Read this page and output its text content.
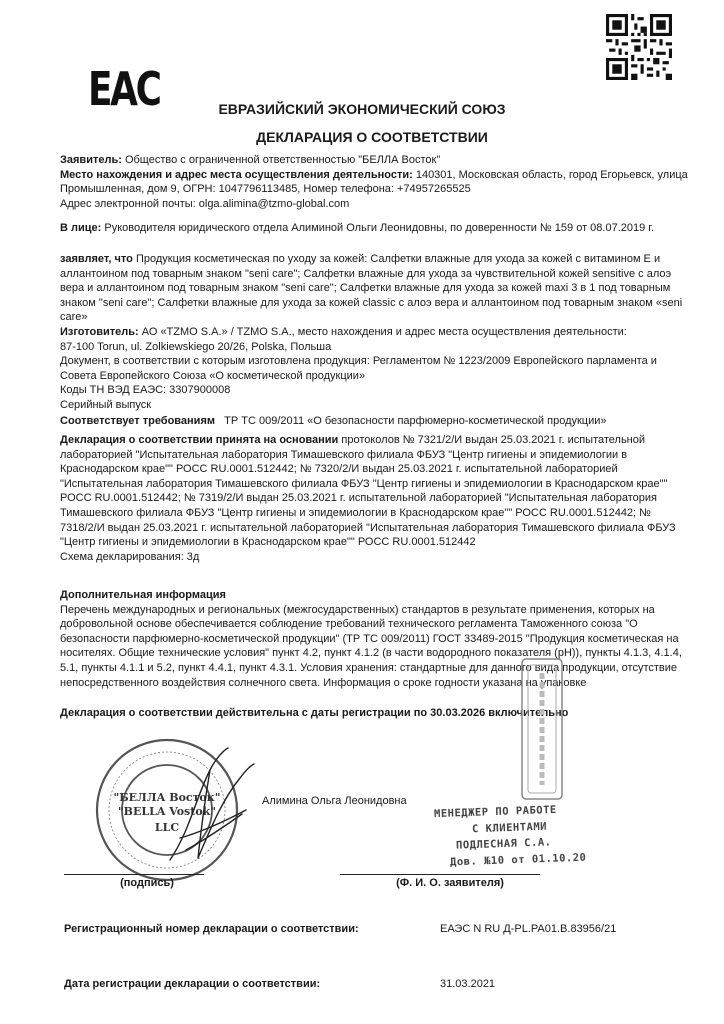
ЕАС	ЕВРАЗИЙСКИЙ ЭКОНОМИЧЕСКИЙ СОЮЗ
ДЕКЛАРАЦИЯ О СООТВЕТСТВИИ

Заявитель: Общество с ограниченной ответственностью "БЕЛЛА Восток"

Место нахождения и адрес места осуществления деятельности: 140301, Московская область, город Егорьевск, улица Промышленная, дом 9, ОГРН: 1047796113485, Номер телефона: +74957265525

Адрес электронной почты: olga.alimina@tzmo-global.com

В лице: Руководителя юридического отдела Алиминой Ольги Леонидовны, по доверенности № 159 от 08.07.2019 г.

заявляет, что Продукция косметическая по уходу за кожей: Салфетки влажные для ухода за кожей с витамином Е и аллантоином под товарным знаком "seni care"; Салфетки влажные для ухода за чувствительной кожей sensitive с алоэ вера и аллантоином под товарным знаком "seni care"; Салфетки влажные для ухода за кожей maxi 3 в 1 под товарным знаком "seni care"; Салфетки влажные для ухода за кожей classic с алоэ вера и аллантоином под товарным знаком «seni care»

Изготовитель: АО «TZMO S.A.» / TZMO S.A., место нахождения и адрес места осуществления деятельности:

87-100 Torun, ul. Zolkiewskiego 20/26, Polska, Польша

Документ, в соответствии с которым изготовлена продукция: Регламентом № 1223/2009 Европейского парламента и Совета Европейского Союза «О косметической продукции»

Коды ТН ВЭД ЕАЭС: 3307900008

Серийный выпуск

Соответствует требованиям ТР ТС 009/2011 «О безопасности парфюмерно-косметической продукции»

Декларация о соответствии принята на основании протоколов № 7321/2/И выдан 25.03.2021 г. испытательной лабораторией "Испытательная лаборатория Тимашевского филиала ФБУЗ "Центр гигиены и эпидемиологии в Краснодарском крае"" РОСС RU.0001.512442; № 7320/2/И выдан 25.03.2021 г. испытательной лабораторией "Испытательная лаборатория Тимашевского филиала ФБУЗ "Центр гигиены и эпидемиологии в Краснодарском крае"" РОСС RU.0001.512442; № 7319/2/И выдан 25.03.2021 г. испытательной лабораторией "Испытательная лаборатория Тимашевского филиала ФБУЗ "Центр гигиены и эпидемиологии в Краснодарском крае"" РОСС RU.0001.512442; № 7318/2/И выдан 25.03.2021 г. испытательной лабораторией "Испытательная лаборатория Тимашевского филиала ФБУЗ "Центр гигиены и эпидемиологии в Краснодарском крае"" РОСС RU.0001.512442

Схема декларирования: 3д

Дополнительная информация

Перечень международных и региональных (межгосударственных) стандартов в результате применения, которых на добровольной основе обеспечивается соблюдение требований технического регламента Таможенного союза "О безопасности парфюмерно-косметической продукции" (ТР ТС 009/2011) ГОСТ 33489-2015 "Продукция косметическая на носителях. Общие технические условия" пункт 4.2, пункт 4.1.2 (в части водородного показателя (pH)), пункты 4.1.3, 4.1.4, 5.1, пункты 4.1.1 и 5.2, пункт 4.4.1, пункт 4.3.1. Условия хранения: стандартные для данного вида продукции, отсутствие непосредственного воздействия солнечного света. Информация о сроке годности указана на упаковке

Декларация о соответствии действительна с даты регистрации по 30.03.2026 включительно
"БЕЛЛА Восток"
"BELLA Vostok"
LLC
Алимина Ольга Леонидовна
МЕНЕДЖЕР ПО РАБОТЕ
С КЛИЕНТАМИ
ПОДЛЕСНАЯ С.А.
Дов. №10 от 01.10.20
(подпись)	(Ф. И. О. заявителя)
Регистрационный номер декларации о соответствии:	ЕАЭС N RU Д-PL.PA01.B.83956/21
Дата регистрации декларации о соответствии:	31.03.2021
